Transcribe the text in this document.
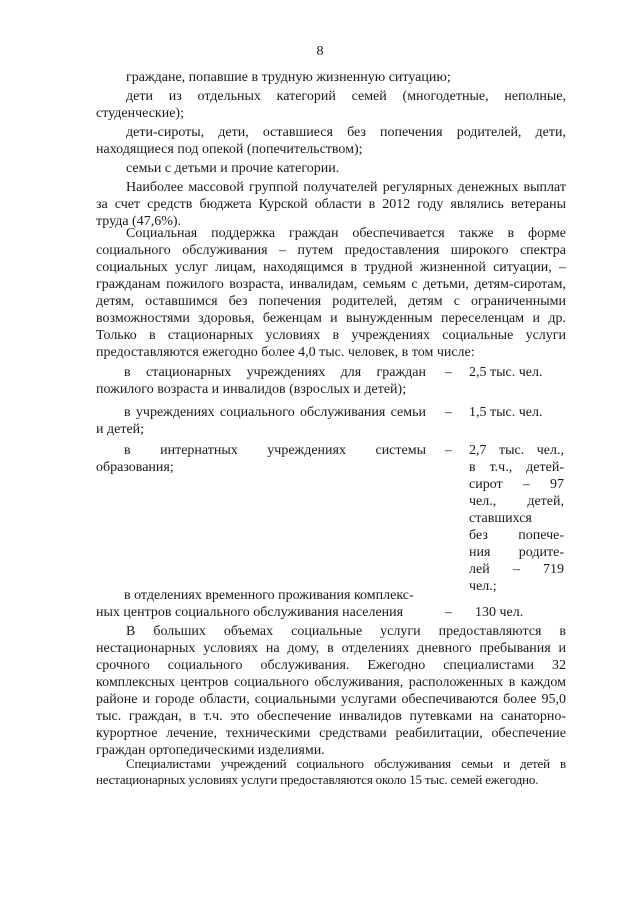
8

граждане, попавшие в трудную жизненную ситуацию;

дети из отдельных категорий семей (многодетные, неполные, студенческие);

дети-сироты, дети, оставшиеся без попечения родителей, дети, находящиеся под опекой (попечительством);

семьи с детьми и прочие категории.

Наиболее массовой группой получателей регулярных денежных выплат за счет средств бюджета Курской области в 2012 году являлись ветераны труда (47,6%).

Социальная поддержка граждан обеспечивается также в форме социального обслуживания – путем предоставления широкого спектра социальных услуг лицам, находящимся в трудной жизненной ситуации, – гражданам пожилого возраста, инвалидам, семьям с детьми, детям-сиротам, детям, оставшимся без попечения родителей, детям с ограниченными возможностями здоровья, беженцам и вынужденным переселенцам и др. Только в стационарных условиях в учреждениях социальные услуги предоставляются ежегодно более 4,0 тыс. человек, в том числе:

в стационарных учреждениях для граждан пожилого возраста и инвалидов (взрослых и детей);
– 2,5 тыс. чел.
в учреждениях социального обслуживания семьи и детей;
– 1,5 тыс. чел.
в интернатных учреждениях системы образования;
– 2,7 тыс. чел.,
в т.ч., детей-
сирот – 97
чел., детей,
ставшихся
без попече-
ния родите-
лей – 719
чел.;
в отделениях временного проживания комплекс-
ных центров социального обслуживания населения	– 130 чел.

В больших объемах социальные услуги предоставляются в нестационарных условиях на дому, в отделениях дневного пребывания и срочного социального обслуживания. Ежегодно специалистами 32 комплексных центров социального обслуживания, расположенных в каждом районе и городе области, социальными услугами обеспечиваются более 95,0 тыс. граждан, в т.ч. это обеспечение инвалидов путевками на санаторно-курортное лечение, техническими средствами реабилитации, обеспечение граждан ортопедическими изделиями.

Специалистами учреждений социального обслуживания семьи и детей в нестационарных условиях услуги предоставляются около 15 тыс. семей ежегодно.
